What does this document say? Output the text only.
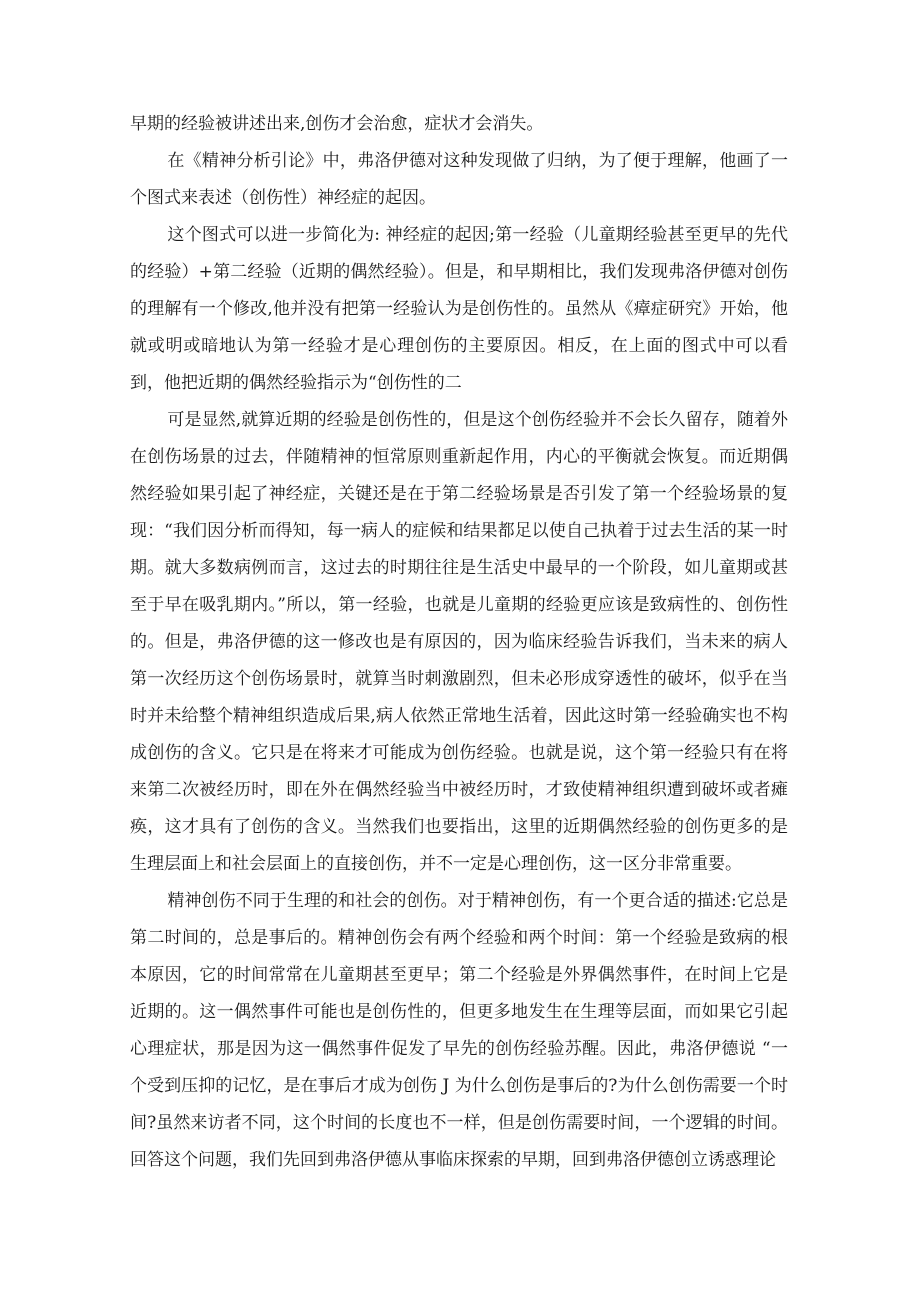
早期的经验被讲述出来,创伤才会治愈，症状才会消失。

在《精神分析引论》中，弗洛伊德对这种发现做了归纳，为了便于理解，他画了一个图式来表述（创伤性）神经症的起因。

这个图式可以进一步简化为: 神经症的起因;第一经验（儿童期经验甚至更早的先代的经验）+第二经验（近期的偶然经验）。但是，和早期相比，我们发现弗洛伊德对创伤的理解有一个修改,他并没有把第一经验认为是创伤性的。虽然从《瘴症研究》开始，他就或明或暗地认为第一经验才是心理创伤的主要原因。相反，在上面的图式中可以看到，他把近期的偶然经验指示为“创伤性的二

可是显然,就算近期的经验是创伤性的，但是这个创伤经验并不会长久留存，随着外在创伤场景的过去，伴随精神的恒常原则重新起作用，内心的平衡就会恢复。而近期偶然经验如果引起了神经症，关键还是在于第二经验场景是否引发了第一个经验场景的复现：“我们因分析而得知，每一病人的症候和结果都足以使自己执着于过去生活的某一时期。就大多数病例而言，这过去的时期往往是生活史中最早的一个阶段，如儿童期或甚至于早在吸乳期内。”所以，第一经验，也就是儿童期的经验更应该是致病性的、创伤性的。但是，弗洛伊德的这一修改也是有原因的，因为临床经验告诉我们，当未来的病人第一次经历这个创伤场景时，就算当时刺激剧烈，但未必形成穿透性的破坏，似乎在当时并未给整个精神组织造成后果,病人依然正常地生活着，因此这时第一经验确实也不构成创伤的含义。它只是在将来才可能成为创伤经验。也就是说，这个第一经验只有在将来第二次被经历时，即在外在偶然经验当中被经历时，才致使精神组织遭到破坏或者瘫痪，这才具有了创伤的含义。当然我们也要指出，这里的近期偶然经验的创伤更多的是生理层面上和社会层面上的直接创伤，并不一定是心理创伤，这一区分非常重要。

精神创伤不同于生理的和社会的创伤。对于精神创伤，有一个更合适的描述:它总是第二时间的，总是事后的。精神创伤会有两个经验和两个时间：第一个经验是致病的根本原因，它的时间常常在儿童期甚至更早；第二个经验是外界偶然事件，在时间上它是近期的。这一偶然事件可能也是创伤性的，但更多地发生在生理等层面，而如果它引起心理症状，那是因为这一偶然事件促发了早先的创伤经验苏醒。因此，弗洛伊德说 “一个受到压抑的记忆，是在事后才成为创伤 J 为什么创伤是事后的?为什么创伤需要一个时间?虽然来访者不同，这个时间的长度也不一样，但是创伤需要时间，一个逻辑的时间。回答这个问题，我们先回到弗洛伊德从事临床探索的早期，回到弗洛伊德创立诱惑理论
